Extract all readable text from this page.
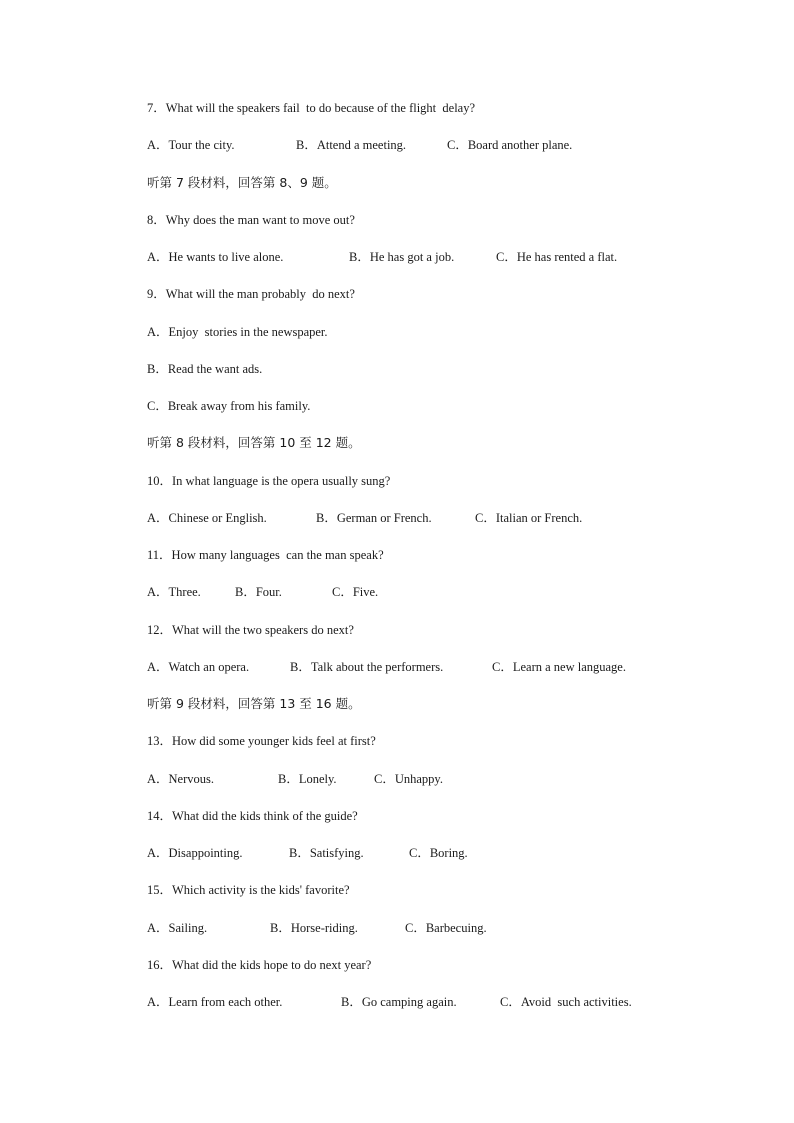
7．What will the speakers fail  to do because of the flight  delay?
A．Tour the city.	B．Attend a meeting.	C．Board another plane.
听第 7 段材料，回答第 8、9 题。
8．Why does the man want to move out?
A．He wants to live alone.	B．He has got a job.	C．He has rented a flat.
9．What will the man probably  do next?
A．Enjoy  stories in the newspaper.
B．Read the want ads.
C．Break away from his family.
听第 8 段材料，回答第 10 至 12 题。
10．In what language is the opera usually sung?
A．Chinese or English.	B．German or French.	C．Italian or French.
11．How many languages  can the man speak?
A．Three.	B．Four.	C．Five.
12．What will the two speakers do next?
A．Watch an opera.	B．Talk about the performers.	C．Learn a new language.
听第 9 段材料，回答第 13 至 16 题。
13．How did some younger kids feel at first?
A．Nervous.	B．Lonely.	C．Unhappy.
14．What did the kids think of the guide?
A．Disappointing.	B．Satisfying.	C．Boring.
15．Which activity is the kids' favorite?
A．Sailing.	B．Horse-riding.	C．Barbecuing.
16．What did the kids hope to do next year?
A．Learn from each other.	B．Go camping again.	C．Avoid  such activities.
